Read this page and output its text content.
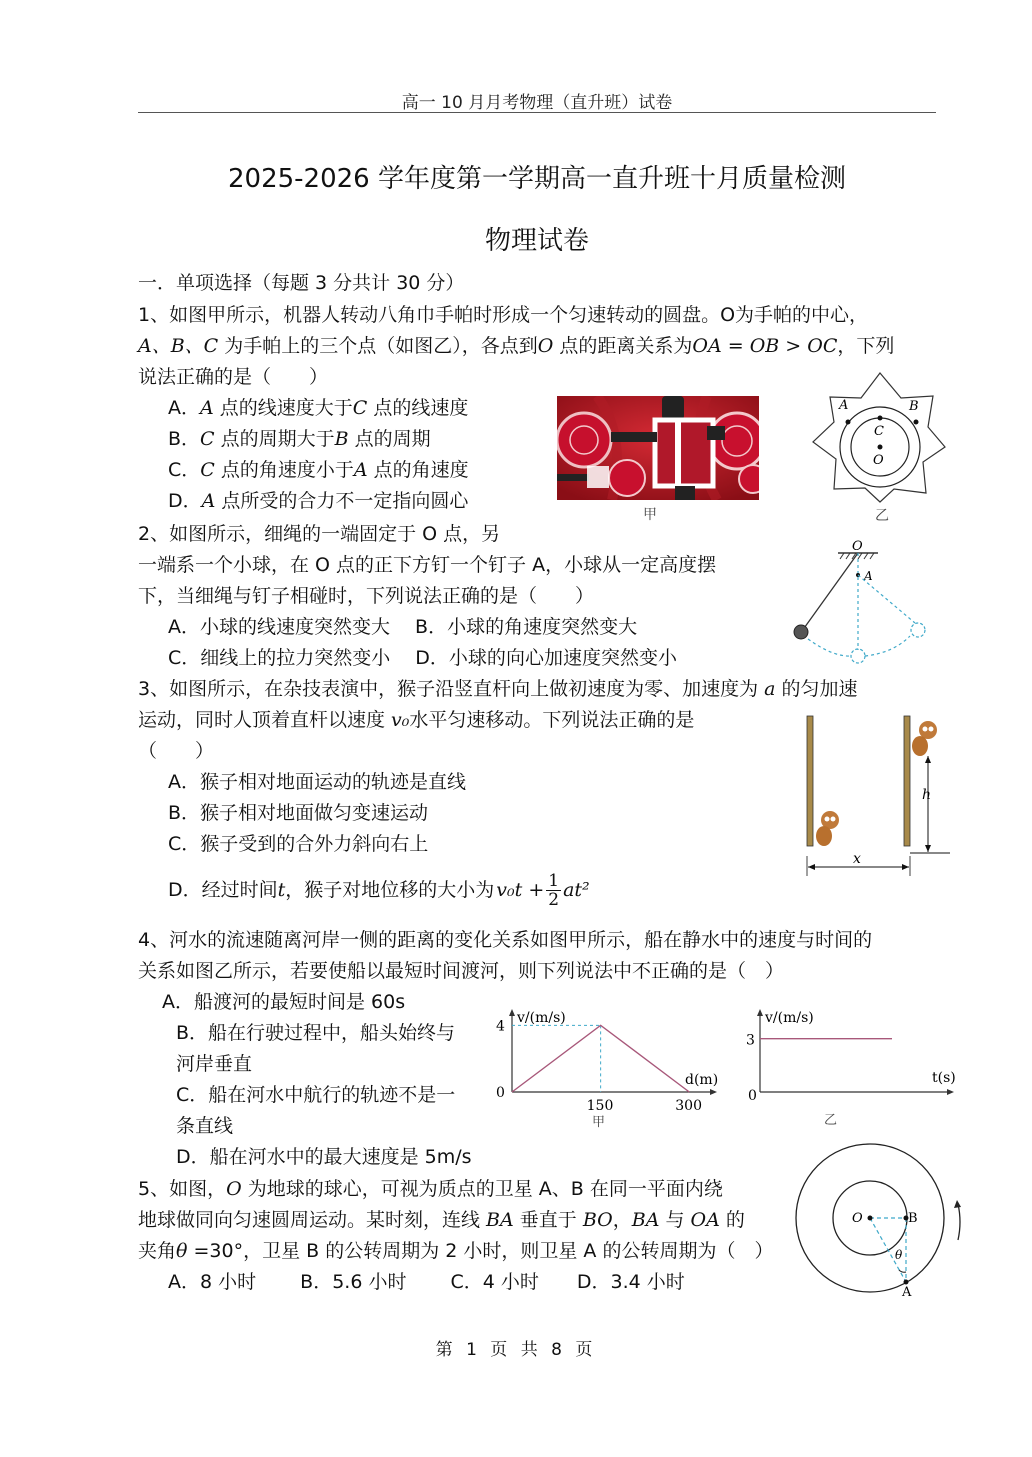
高一 10 月月考物理（直升班）试卷
2025-2026 学年度第一学期高一直升班十月质量检测
物理试卷
一．单项选择（每题 3 分共计 30 分）
1、如图甲所示，机器人转动八角巾手帕时形成一个匀速转动的圆盘。O为手帕的中心，
A、B、C 为手帕上的三个点（如图乙），各点到O 点的距离关系为OA = OB > OC，下列
说法正确的是（　　）
A．A 点的线速度大于C 点的线速度
B．C 点的周期大于B 点的周期
C．C 点的角速度小于A 点的角速度
D．A 点所受的合力不一定指向圆心
甲
A	B
C
O
乙
2、如图所示，细绳的一端固定于 O 点，另
一端系一个小球，在 O 点的正下方钉一个钉子 A，小球从一定高度摆
下，当细绳与钉子相碰时，下列说法正确的是（　　）
A．小球的线速度突然变大　 B．小球的角速度突然变大
C．细线上的拉力突然变小　 D．小球的向心加速度突然变小
O
A
3、如图所示，在杂技表演中，猴子沿竖直杆向上做初速度为零、加速度为 a 的匀加速
运动，同时人顶着直杆以速度 v₀水平匀速移动。下列说法正确的是
（　　）
A．猴子相对地面运动的轨迹是直线
B．猴子相对地面做匀变速运动
C．猴子受到的合外力斜向右上
D．经过时间 t ，猴子对地位移的大小为 $v_0t + \frac{1}{2} at^2$
h
x
4、河水的流速随离河岸一侧的距离的变化关系如图甲所示，船在静水中的速度与时间的
关系如图乙所示，若要使船以最短时间渡河，则下列说法中不正确的是（　）
A．船渡河的最短时间是 60s
B．船在行驶过程中，船头始终与
河岸垂直
C．船在河水中航行的轨迹不是一
条直线
D．船在河水中的最大速度是 5m/s
v/(m/s)
d(m)
0
150	300
4
甲
v/(m/s)
t(s)
0
3
乙
5、如图，O 为地球的球心，可视为质点的卫星 A、B 在同一平面内绕
地球做同向匀速圆周运动。某时刻，连线 BA 垂直于 BO，BA 与 OA 的
夹角θ =30°，卫星 B 的公转周期为 2 小时，则卫星 A 的公转周期为（　）
A．8 小时　　 B．5.6 小时　　 C．4 小时　　D．3.4 小时
O	B
A
θ
第 1 页 共 8 页
